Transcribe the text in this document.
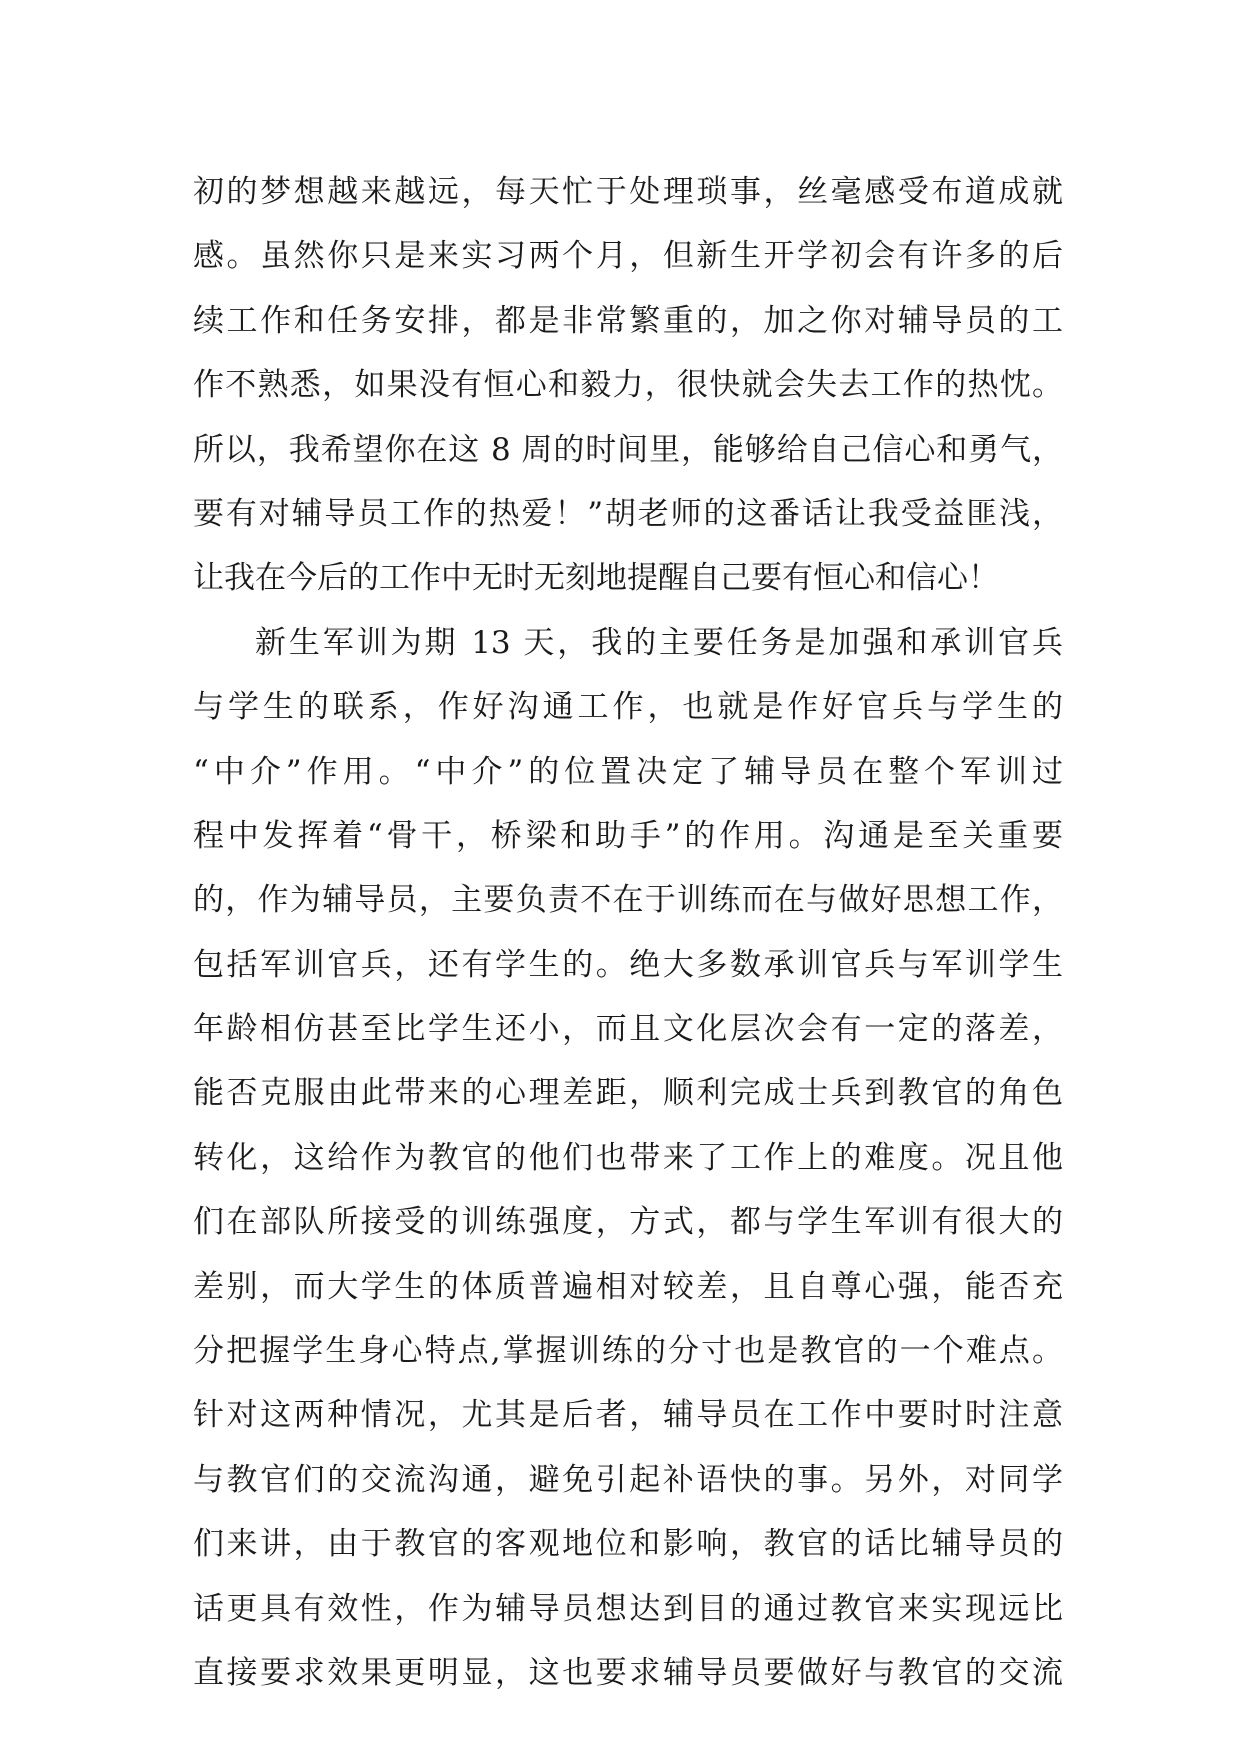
初的梦想越来越远，每天忙于处理琐事，丝毫感受布道成就
感。虽然你只是来实习两个月，但新生开学初会有许多的后
续工作和任务安排，都是非常繁重的，加之你对辅导员的工
作不熟悉，如果没有恒心和毅力，很快就会失去工作的热忱。
所以，我希望你在这 8 周的时间里，能够给自己信心和勇气，
要有对辅导员工作的热爱！”胡老师的这番话让我受益匪浅，
让我在今后的工作中无时无刻地提醒自己要有恒心和信心！
新生军训为期 13 天，我的主要任务是加强和承训官兵
与学生的联系，作好沟通工作，也就是作好官兵与学生的
“中介”作用。“中介”的位置决定了辅导员在整个军训过
程中发挥着“骨干，桥梁和助手”的作用。沟通是至关重要
的，作为辅导员，主要负责不在于训练而在与做好思想工作，
包括军训官兵，还有学生的。绝大多数承训官兵与军训学生
年龄相仿甚至比学生还小，而且文化层次会有一定的落差，
能否克服由此带来的心理差距，顺利完成士兵到教官的角色
转化，这给作为教官的他们也带来了工作上的难度。况且他
们在部队所接受的训练强度，方式，都与学生军训有很大的
差别，而大学生的体质普遍相对较差，且自尊心强，能否充
分把握学生身心特点,掌握训练的分寸也是教官的一个难点。
针对这两种情况，尤其是后者，辅导员在工作中要时时注意
与教官们的交流沟通，避免引起补语快的事。另外，对同学
们来讲，由于教官的客观地位和影响，教官的话比辅导员的
话更具有效性，作为辅导员想达到目的通过教官来实现远比
直接要求效果更明显，这也要求辅导员要做好与教官的交流
